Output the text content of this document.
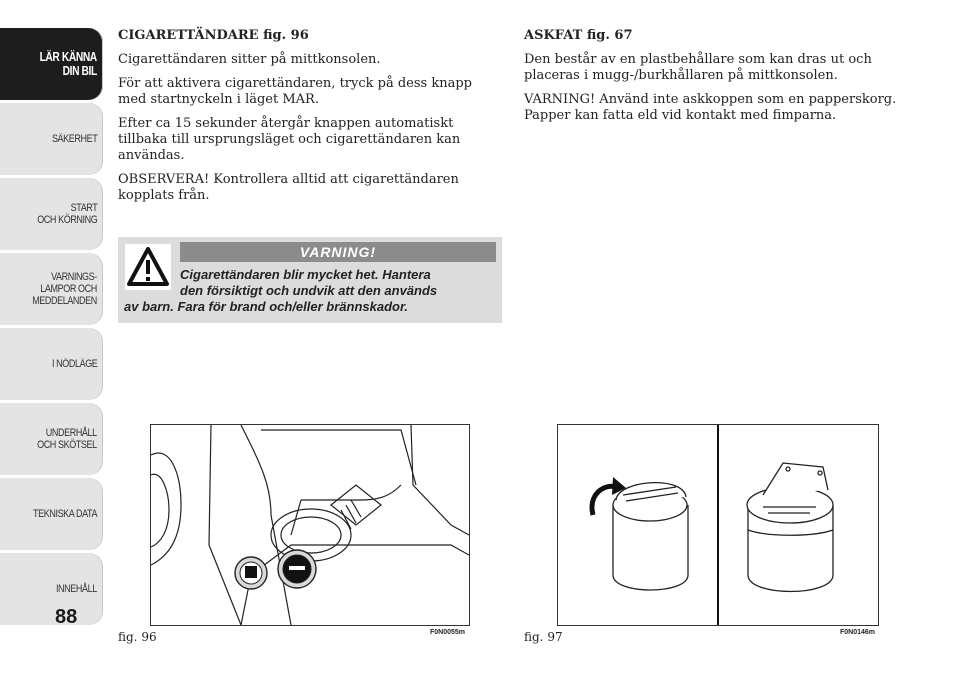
LÄR KÄNNA
DIN BIL
SÄKERHET
START
OCH KÖRNING
VARNINGS-
LAMPOR OCH
MEDDELANDEN
I NÖDLÄGE
UNDERHÅLL
OCH SKÖTSEL
TEKNISKA DATA
INNEHÅLL
88

CIGARETTÄNDARE fig. 96

Cigarettändaren sitter på mittkonsolen.

För att aktivera cigarettändaren, tryck på dess knapp med startnyckeln i läget MAR.

Efter ca 15 sekunder återgår knappen automatiskt tillbaka till ursprungsläget och cigarettändaren kan användas.

OBSERVERA! Kontrollera alltid att cigarettändaren kopplats från.

VARNING!
Cigarettändaren blir mycket het. Hantera
den försiktigt och undvik att den används
av barn. Fara för brand och/eller brännskador.

ASKFAT fig. 67

Den består av en plastbehållare som kan dras ut och placeras i mugg-/burkhållaren på mittkonsolen.

VARNING! Använd inte askkoppen som en papperskorg. Papper kan fatta eld vid kontakt med fimparna.

fig. 96	F0N0055m	fig. 97	F0N0146m
